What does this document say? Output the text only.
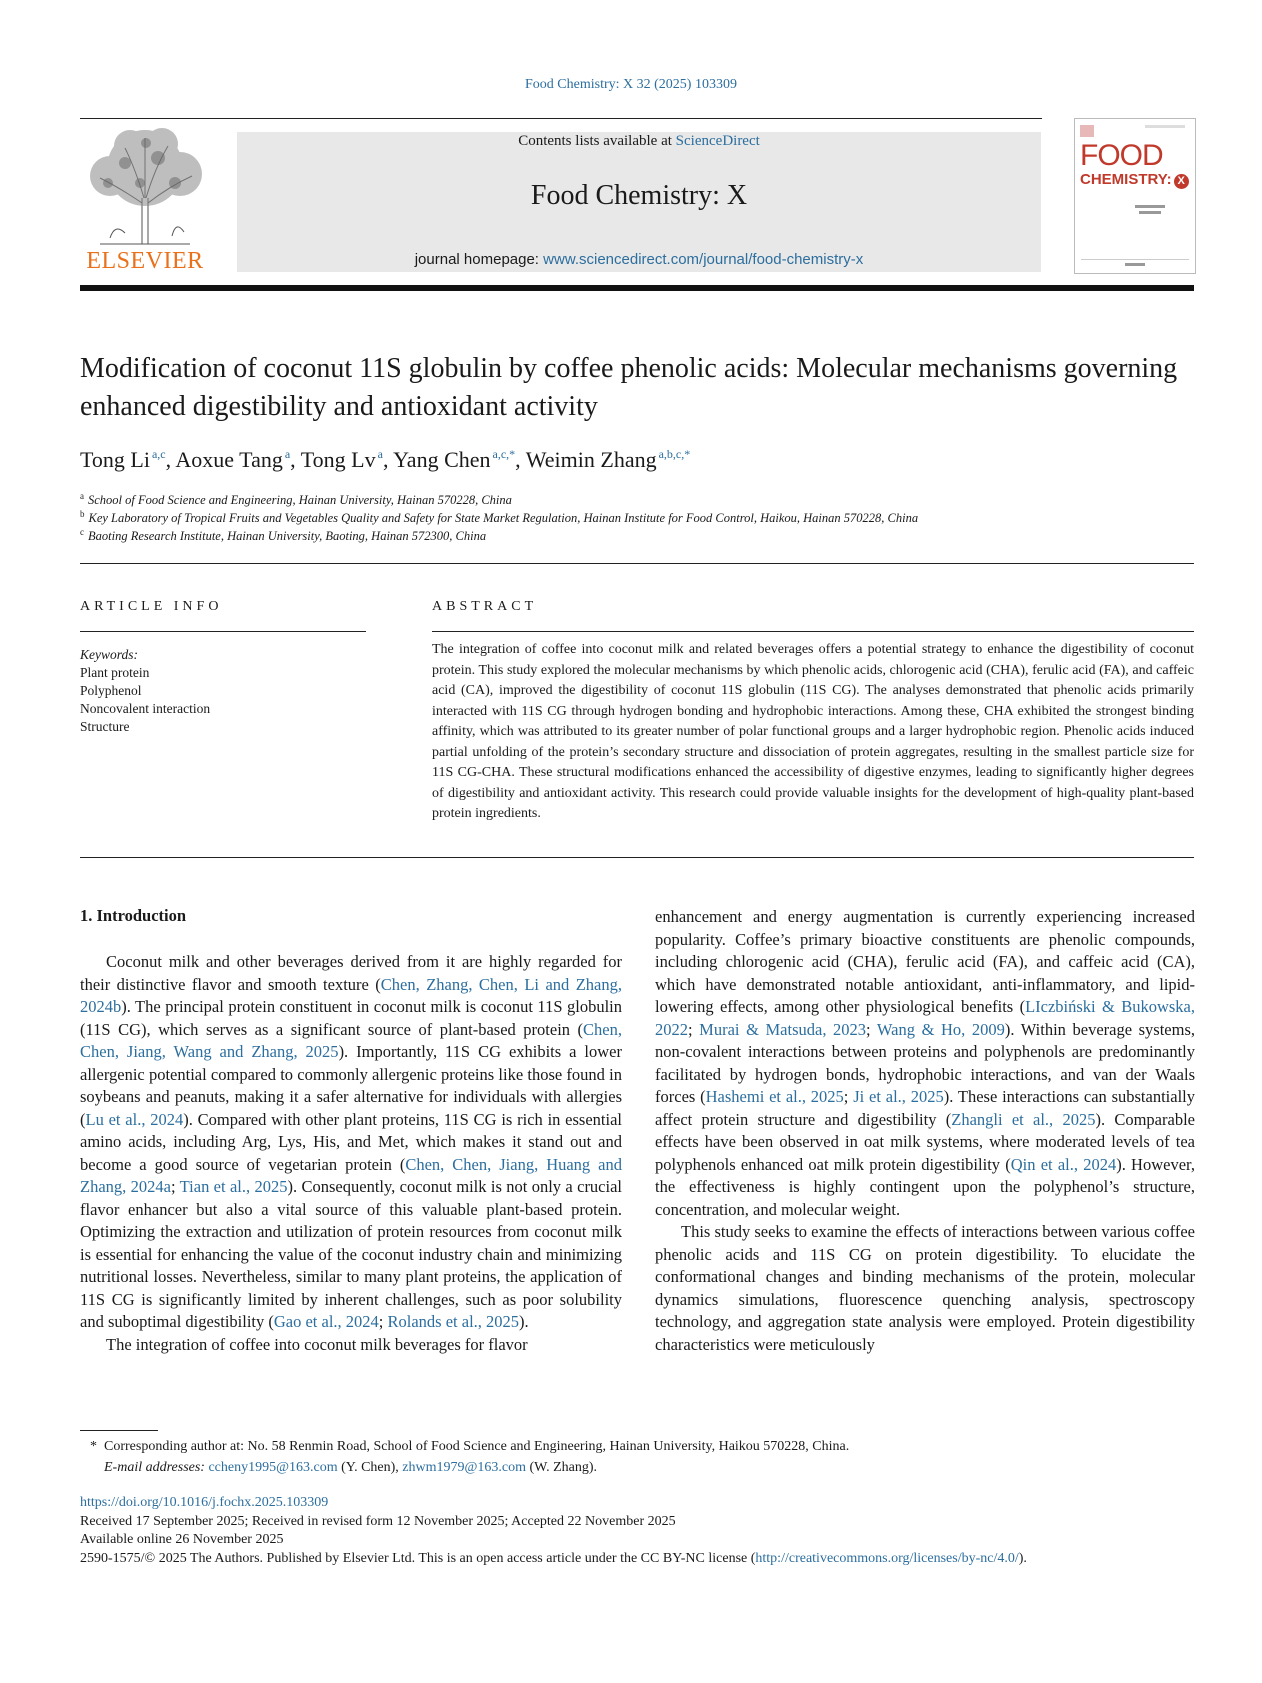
Food Chemistry: X 32 (2025) 103309
ELSEVIER
Contents lists available at ScienceDirect
Food Chemistry: X
journal homepage: www.sciencedirect.com/journal/food-chemistry-x
FOOD
CHEMISTRY: X
Modification of coconut 11S globulin by coffee phenolic acids: Molecular mechanisms governing enhanced digestibility and antioxidant activity
Tong Li $^{a,c}$, Aoxue Tang $^a$, Tong Lv $^a$, Yang Chen $^{a,c,*}$, Weimin Zhang $^{a,b,c,*}$
$^a$ School of Food Science and Engineering, Hainan University, Hainan 570228, China
$^b$ Key Laboratory of Tropical Fruits and Vegetables Quality and Safety for State Market Regulation, Hainan Institute for Food Control, Haikou, Hainan 570228, China
$^c$ Baoting Research Institute, Hainan University, Baoting, Hainan 572300, China
ARTICLE INFO
Keywords:
Plant protein
Polyphenol
Noncovalent interaction
Structure
ABSTRACT
The integration of coffee into coconut milk and related beverages offers a potential strategy to enhance the digestibility of coconut protein. This study explored the molecular mechanisms by which phenolic acids, chlorogenic acid (CHA), ferulic acid (FA), and caffeic acid (CA), improved the digestibility of coconut 11S globulin (11S CG). The analyses demonstrated that phenolic acids primarily interacted with 11S CG through hydrogen bonding and hydrophobic interactions. Among these, CHA exhibited the strongest binding affinity, which was attributed to its greater number of polar functional groups and a larger hydrophobic region. Phenolic acids induced partial unfolding of the protein’s secondary structure and dissociation of protein aggregates, resulting in the smallest particle size for 11S CG-CHA. These structural modifications enhanced the accessibility of digestive enzymes, leading to significantly higher degrees of digestibility and antioxidant activity. This research could provide valuable insights for the development of high-quality plant-based protein ingredients.
1. Introduction

Coconut milk and other beverages derived from it are highly regarded for their distinctive flavor and smooth texture (Chen, Zhang, Chen, Li and Zhang, 2024b). The principal protein constituent in coconut milk is coconut 11S globulin (11S CG), which serves as a significant source of plant-based protein (Chen, Chen, Jiang, Wang and Zhang, 2025). Importantly, 11S CG exhibits a lower allergenic potential compared to commonly allergenic proteins like those found in soybeans and peanuts, making it a safer alternative for individuals with allergies (Lu et al., 2024). Compared with other plant proteins, 11S CG is rich in essential amino acids, including Arg, Lys, His, and Met, which makes it stand out and become a good source of vegetarian protein (Chen, Chen, Jiang, Huang and Zhang, 2024a; Tian et al., 2025). Consequently, coconut milk is not only a crucial flavor enhancer but also a vital source of this valuable plant-based protein. Optimizing the extraction and utilization of protein resources from coconut milk is essential for enhancing the value of the coconut industry chain and minimizing nutritional losses. Nevertheless, similar to many plant proteins, the application of 11S CG is significantly limited by inherent challenges, such as poor solubility and suboptimal digestibility (Gao et al., 2024; Rolands et al., 2025).

The integration of coffee into coconut milk beverages for flavor

enhancement and energy augmentation is currently experiencing increased popularity. Coffee’s primary bioactive constituents are phenolic compounds, including chlorogenic acid (CHA), ferulic acid (FA), and caffeic acid (CA), which have demonstrated notable antioxidant, anti-inflammatory, and lipid-lowering effects, among other physiological benefits (LIczbiński & Bukowska, 2022; Murai & Matsuda, 2023; Wang & Ho, 2009). Within beverage systems, non-covalent interactions between proteins and polyphenols are predominantly facilitated by hydrogen bonds, hydrophobic interactions, and van der Waals forces (Hashemi et al., 2025; Ji et al., 2025). These interactions can substantially affect protein structure and digestibility (Zhangli et al., 2025). Comparable effects have been observed in oat milk systems, where moderated levels of tea polyphenols enhanced oat milk protein digestibility (Qin et al., 2024). However, the effectiveness is highly contingent upon the polyphenol’s structure, concentration, and molecular weight.

This study seeks to examine the effects of interactions between various coffee phenolic acids and 11S CG on protein digestibility. To elucidate the conformational changes and binding mechanisms of the protein, molecular dynamics simulations, fluorescence quenching analysis, spectroscopy technology, and aggregation state analysis were employed. Protein digestibility characteristics were meticulously

*  Corresponding author at: No. 58 Renmin Road, School of Food Science and Engineering, Hainan University, Haikou 570228, China.
E-mail addresses: ccheny1995@163.com (Y. Chen), zhwm1979@163.com (W. Zhang).
https://doi.org/10.1016/j.fochx.2025.103309
Received 17 September 2025; Received in revised form 12 November 2025; Accepted 22 November 2025
Available online 26 November 2025
2590-1575/© 2025 The Authors. Published by Elsevier Ltd. This is an open access article under the CC BY-NC license (http://creativecommons.org/licenses/by-nc/4.0/).
